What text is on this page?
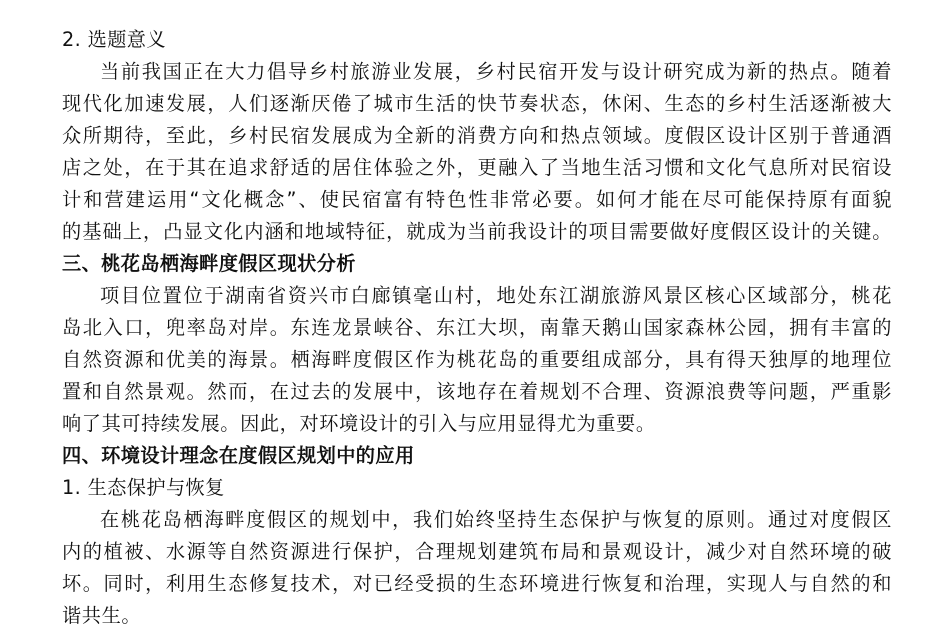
2. 选题意义
当前我国正在大力倡导乡村旅游业发展，乡村民宿开发与设计研究成为新的热点。随着
现代化加速发展，人们逐渐厌倦了城市生活的快节奏状态，休闲、生态的乡村生活逐渐被大
众所期待，至此，乡村民宿发展成为全新的消费方向和热点领域。度假区设计区别于普通酒
店之处，在于其在追求舒适的居住体验之外，更融入了当地生活习惯和文化气息所对民宿设
计和营建运用“文化概念”、使民宿富有特色性非常必要。如何才能在尽可能保持原有面貌
的基础上，凸显文化内涵和地域特征，就成为当前我设计的项目需要做好度假区设计的关键。
三、桃花岛栖海畔度假区现状分析
项目位置位于湖南省资兴市白廊镇毫山村，地处东江湖旅游风景区核心区域部分，桃花
岛北入口，兜率岛对岸。东连龙景峡谷、东江大坝，南靠天鹅山国家森林公园，拥有丰富的
自然资源和优美的海景。栖海畔度假区作为桃花岛的重要组成部分，具有得天独厚的地理位
置和自然景观。然而，在过去的发展中，该地存在着规划不合理、资源浪费等问题，严重影
响了其可持续发展。因此，对环境设计的引入与应用显得尤为重要。
四、环境设计理念在度假区规划中的应用
1. 生态保护与恢复
在桃花岛栖海畔度假区的规划中，我们始终坚持生态保护与恢复的原则。通过对度假区
内的植被、水源等自然资源进行保护，合理规划建筑布局和景观设计，减少对自然环境的破
坏。同时，利用生态修复技术，对已经受损的生态环境进行恢复和治理，实现人与自然的和
谐共生。
